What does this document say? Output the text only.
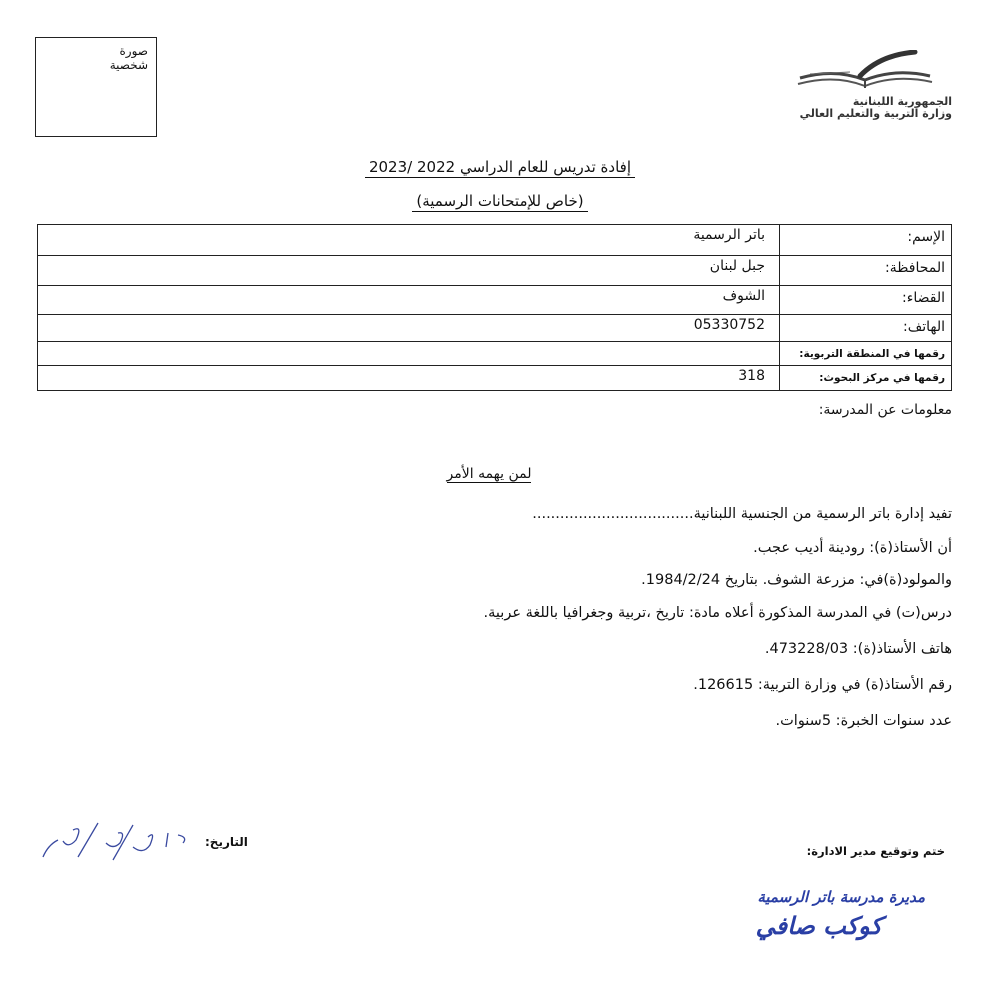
صورة
شخصية
الجمهورية اللبنانية
وزارة التربية والتعليم العالي
إفادة تدريس للعام الدراسي 2022 /2023
(خاص للإمتحانات الرسمية)
الإسم:
باتر الرسمية
المحافظة:
جبل لبنان
القضاء:
الشوف
الهاتف:
05330752
رقمها في المنطقة التربوية:
رقمها في مركز البحوث:
318
معلومات عن المدرسة:
لمن يهمه الأمر
تفيد إدارة باتر الرسمية من الجنسية اللبنانية...................................
أن الأستاذ(ة): رودينة أديب عجب.
والمولود(ة)في: مزرعة الشوف. بتاريخ 1984/2/24.
درس(ت) في المدرسة المذكورة أعلاه مادة: تاريخ ،تربية وجغرافيا باللغة عربية.
هاتف الأستاذ(ة): 473228/03.
رقم الأستاذ(ة) في وزارة التربية: 126615.
عدد سنوات الخبرة: 5سنوات.
التاريخ:
ختم وتوقيع مدير الادارة:
مديرة مدرسة باتر الرسمية
كوكب صافي
